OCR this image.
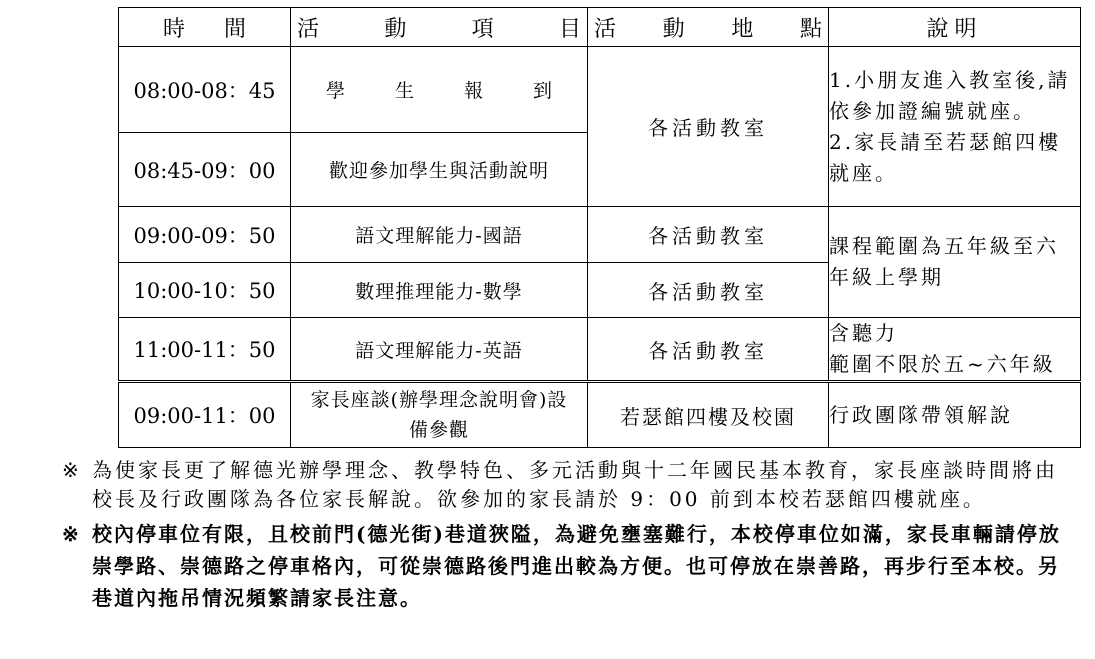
時 間	活 動 項 目	活 動 地 點	說明

08:00-08：45	學 生 報 到	各活動教室	1.小朋友進入教室後,請依參加證編號就座。
2.家長請至若瑟館四樓就座。

08:45-09：00	歡迎參加學生與活動說明		
09:00-09：50	語文理解能力-國語	各活動教室	課程範圍為五年級至六年級上學期
10:00-10：50	數理推理能力-數學	各活動教室	
11:00-11：50	語文理解能力-英語	各活動教室	含聽力
範圍不限於五~六年級

09:00-11：00	家長座談(辦學理念說明會)設備參觀	若瑟館四樓及校園	行政團隊帶領解說

※ 為使家長更了解德光辦學理念、教學特色、多元活動與十二年國民基本教育，家長座談時間將由校長及行政團隊為各位家長解說。欲參加的家長請於 9：00 前到本校若瑟館四樓就座。

※ 校內停車位有限，且校前門(德光街)巷道狹隘，為避免壅塞難行，本校停車位如滿，家長車輛請停放崇學路、崇德路之停車格內，可從崇德路後門進出較為方便。也可停放在崇善路，再步行至本校。另巷道內拖吊情況頻繁請家長注意。
